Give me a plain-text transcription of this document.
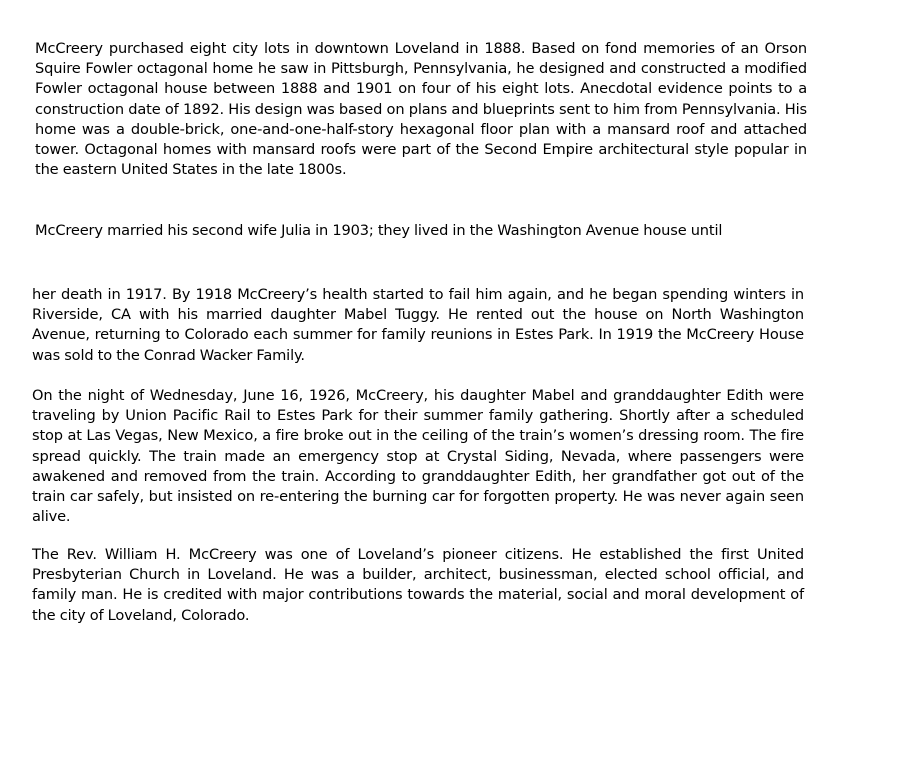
McCreery purchased eight city lots in downtown Loveland in 1888. Based on fond memories of an Orson Squire Fowler octagonal home he saw in Pittsburgh, Pennsylvania, he designed and constructed a modified Fowler octagonal house between 1888 and 1901 on four of his eight lots. Anecdotal evidence points to a construction date of 1892. His design was based on plans and blueprints sent to him from Pennsylvania. His home was a double-brick, one-and-one-half-story hexagonal floor plan with a mansard roof and attached tower. Octagonal homes with mansard roofs were part of the Second Empire architectural style popular in the eastern United States in the late 1800s.

McCreery married his second wife Julia in 1903; they lived in the Washington Avenue house until

her death in 1917. By 1918 McCreery’s health started to fail him again, and he began spending winters in Riverside, CA with his married daughter Mabel Tuggy. He rented out the house on North Washington Avenue, returning to Colorado each summer for family reunions in Estes Park. In 1919 the McCreery House was sold to the Conrad Wacker Family.

On the night of Wednesday, June 16, 1926, McCreery, his daughter Mabel and granddaughter Edith were traveling by Union Pacific Rail to Estes Park for their summer family gathering. Shortly after a scheduled stop at Las Vegas, New Mexico, a fire broke out in the ceiling of the train’s women’s dressing room. The fire spread quickly. The train made an emergency stop at Crystal Siding, Nevada, where passengers were awakened and removed from the train. According to granddaughter Edith, her grandfather got out of the train car safely, but insisted on re-entering the burning car for forgotten property. He was never again seen alive.

The Rev. William H. McCreery was one of Loveland’s pioneer citizens. He established the first United Presbyterian Church in Loveland. He was a builder, architect, businessman, elected school official, and family man. He is credited with major contributions towards the material, social and moral development of the city of Loveland, Colorado.
